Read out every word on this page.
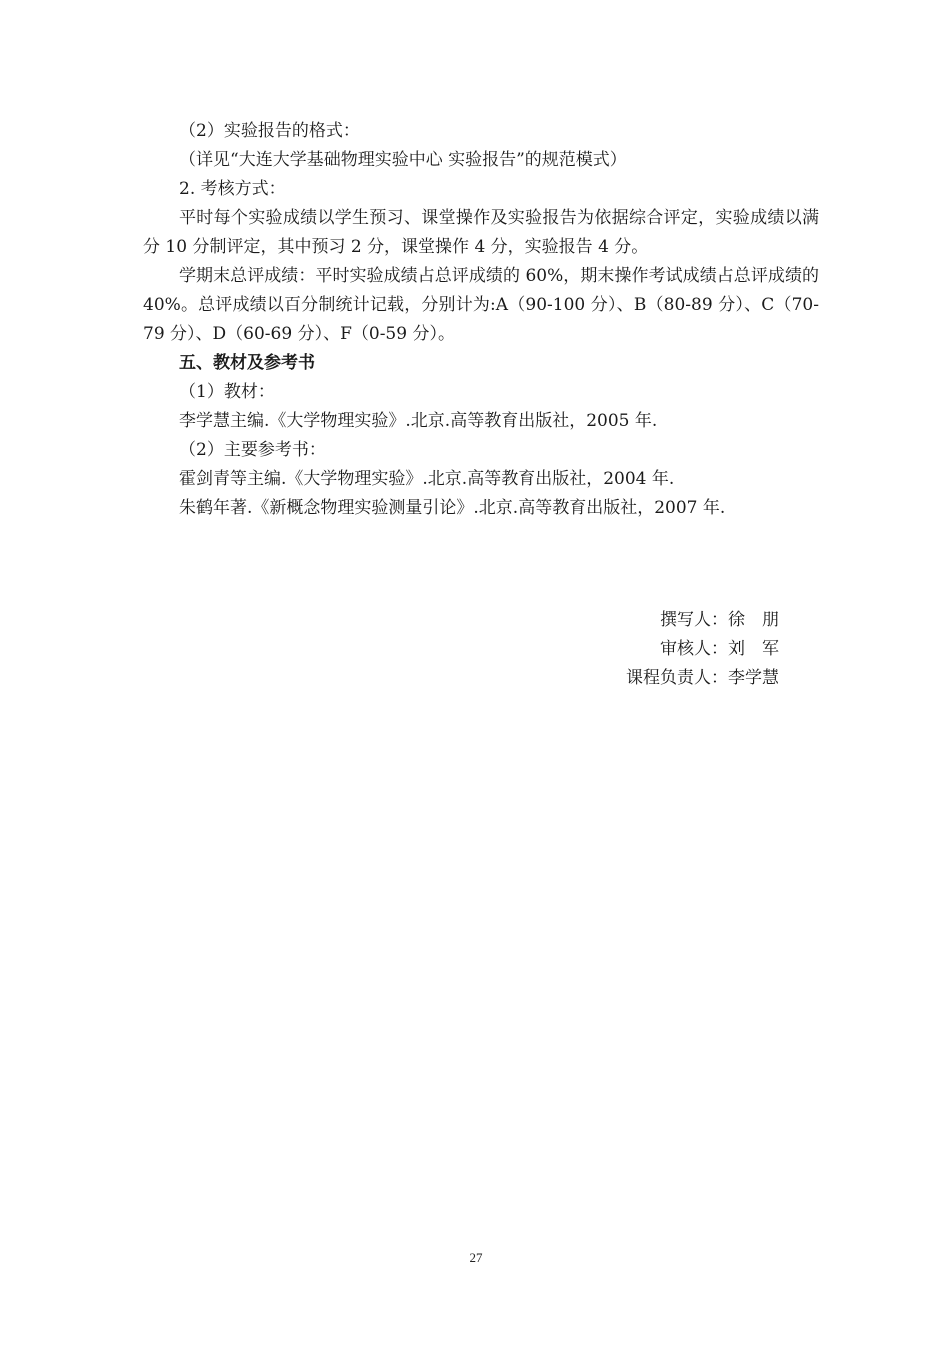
（2）实验报告的格式：

（详见“大连大学基础物理实验中心 实验报告”的规范模式）

2. 考核方式：

平时每个实验成绩以学生预习、课堂操作及实验报告为依据综合评定，实验成绩以满分 10 分制评定，其中预习 2 分，课堂操作 4 分，实验报告 4 分。

学期末总评成绩：平时实验成绩占总评成绩的 60%，期末操作考试成绩占总评成绩的 40%。总评成绩以百分制统计记载，分别计为:A（90-100 分）、B（80-89 分）、C（70-79 分）、D（60-69 分）、F（0-59 分）。

五、教材及参考书

（1）教材：

李学慧主编.《大学物理实验》.北京.高等教育出版社，2005 年.

（2）主要参考书：

霍剑青等主编.《大学物理实验》.北京.高等教育出版社，2004 年.

朱鹤年著.《新概念物理实验测量引论》.北京.高等教育出版社，2007 年.

撰写人：徐　朋

审核人：刘　军

课程负责人：李学慧

27
